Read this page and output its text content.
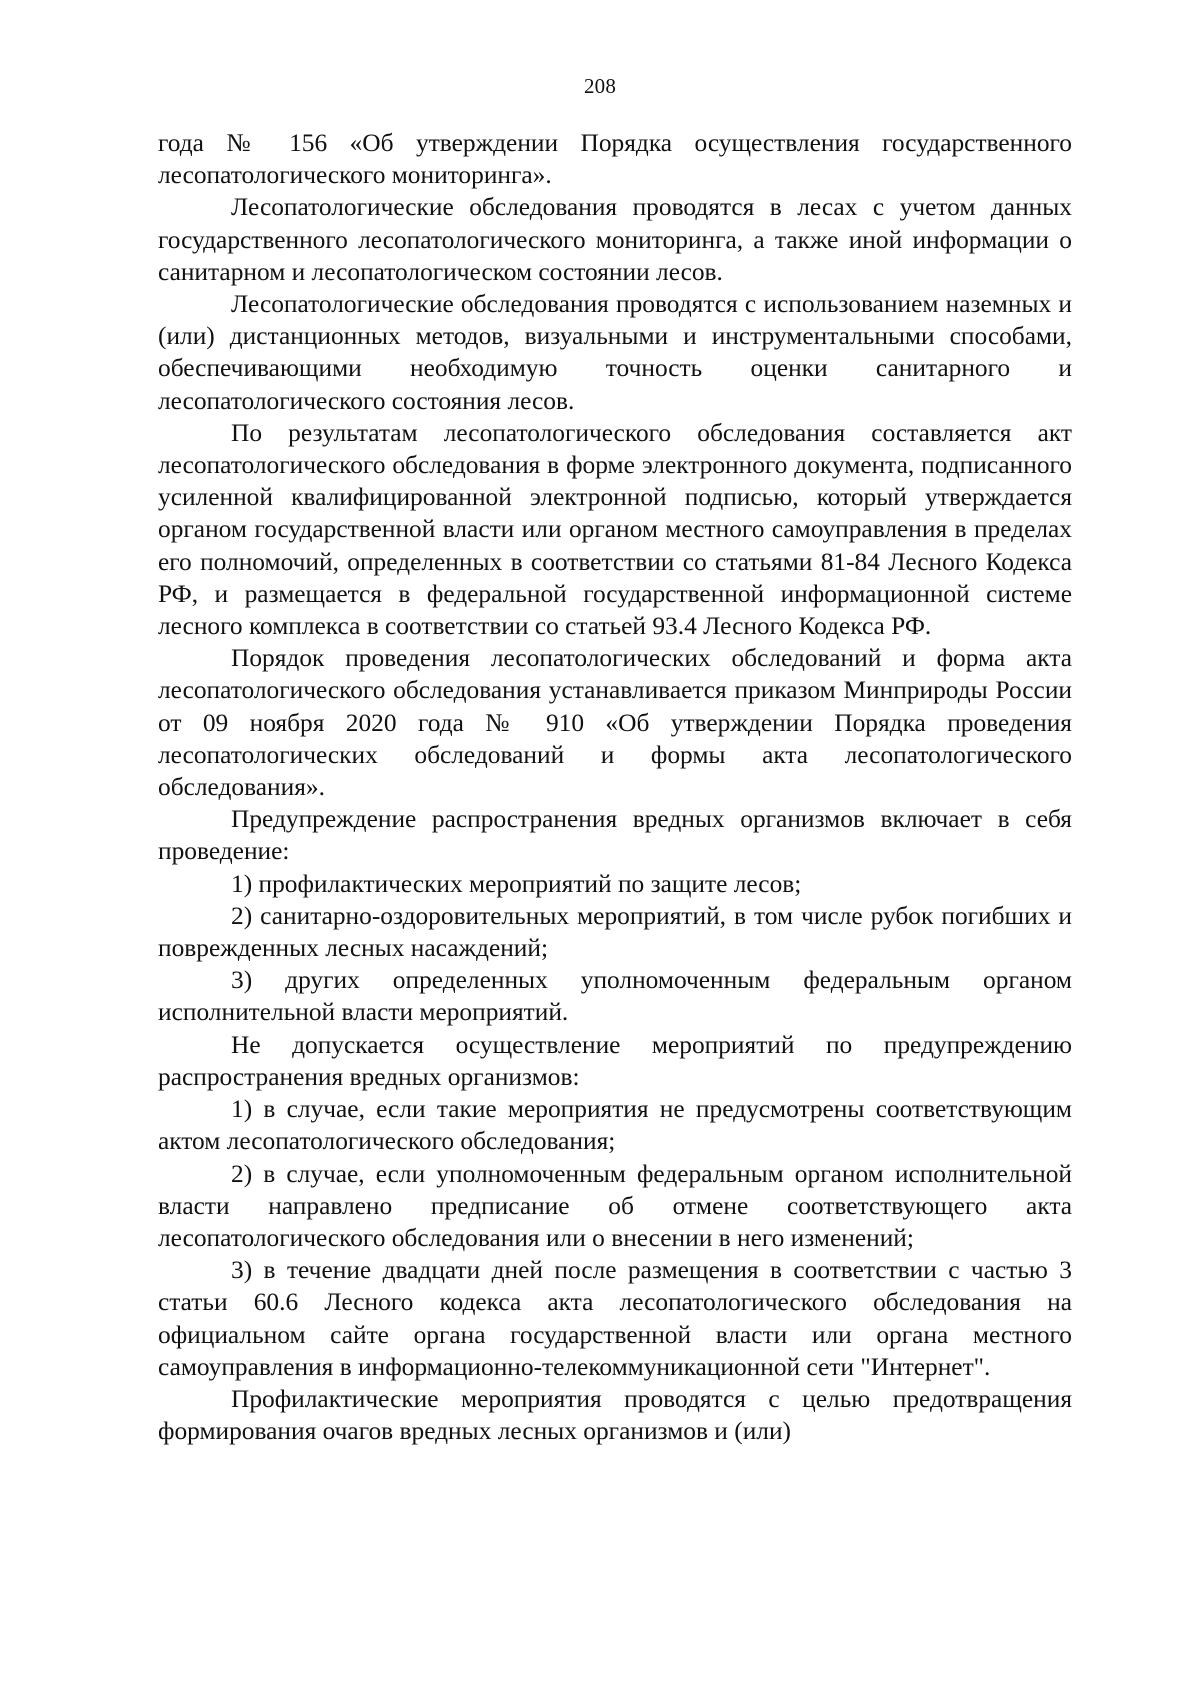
208

года № 156 «Об утверждении Порядка осуществления государственного лесопатологического мониторинга».

Лесопатологические обследования проводятся в лесах с учетом данных государственного лесопатологического мониторинга, а также иной информации о санитарном и лесопатологическом состоянии лесов.

Лесопатологические обследования проводятся с использованием наземных и (или) дистанционных методов, визуальными и инструментальными способами, обеспечивающими необходимую точность оценки санитарного и лесопатологического состояния лесов.

По результатам лесопатологического обследования составляется акт лесопатологического обследования в форме электронного документа, подписанного усиленной квалифицированной электронной подписью, который утверждается органом государственной власти или органом местного самоуправления в пределах его полномочий, определенных в соответствии со статьями 81-84 Лесного Кодекса РФ, и размещается в федеральной государственной информационной системе лесного комплекса в соответствии со статьей 93.4 Лесного Кодекса РФ.

Порядок проведения лесопатологических обследований и форма акта лесопатологического обследования устанавливается приказом Минприроды России от 09 ноября 2020 года № 910 «Об утверждении Порядка проведения лесопатологических обследований и формы акта лесопатологического обследования».

Предупреждение распространения вредных организмов включает в себя проведение:

1) профилактических мероприятий по защите лесов;

2) санитарно-оздоровительных мероприятий, в том числе рубок погибших и поврежденных лесных насаждений;

3) других определенных уполномоченным федеральным органом исполнительной власти мероприятий.

Не допускается осуществление мероприятий по предупреждению распространения вредных организмов:

1) в случае, если такие мероприятия не предусмотрены соответствующим актом лесопатологического обследования;

2) в случае, если уполномоченным федеральным органом исполнительной власти направлено предписание об отмене соответствующего акта лесопатологического обследования или о внесении в него изменений;

3) в течение двадцати дней после размещения в соответствии с частью 3 статьи 60.6 Лесного кодекса акта лесопатологического обследования на официальном сайте органа государственной власти или органа местного самоуправления в информационно-телекоммуникационной сети "Интернет".

Профилактические мероприятия проводятся с целью предотвращения формирования очагов вредных лесных организмов и (или)
